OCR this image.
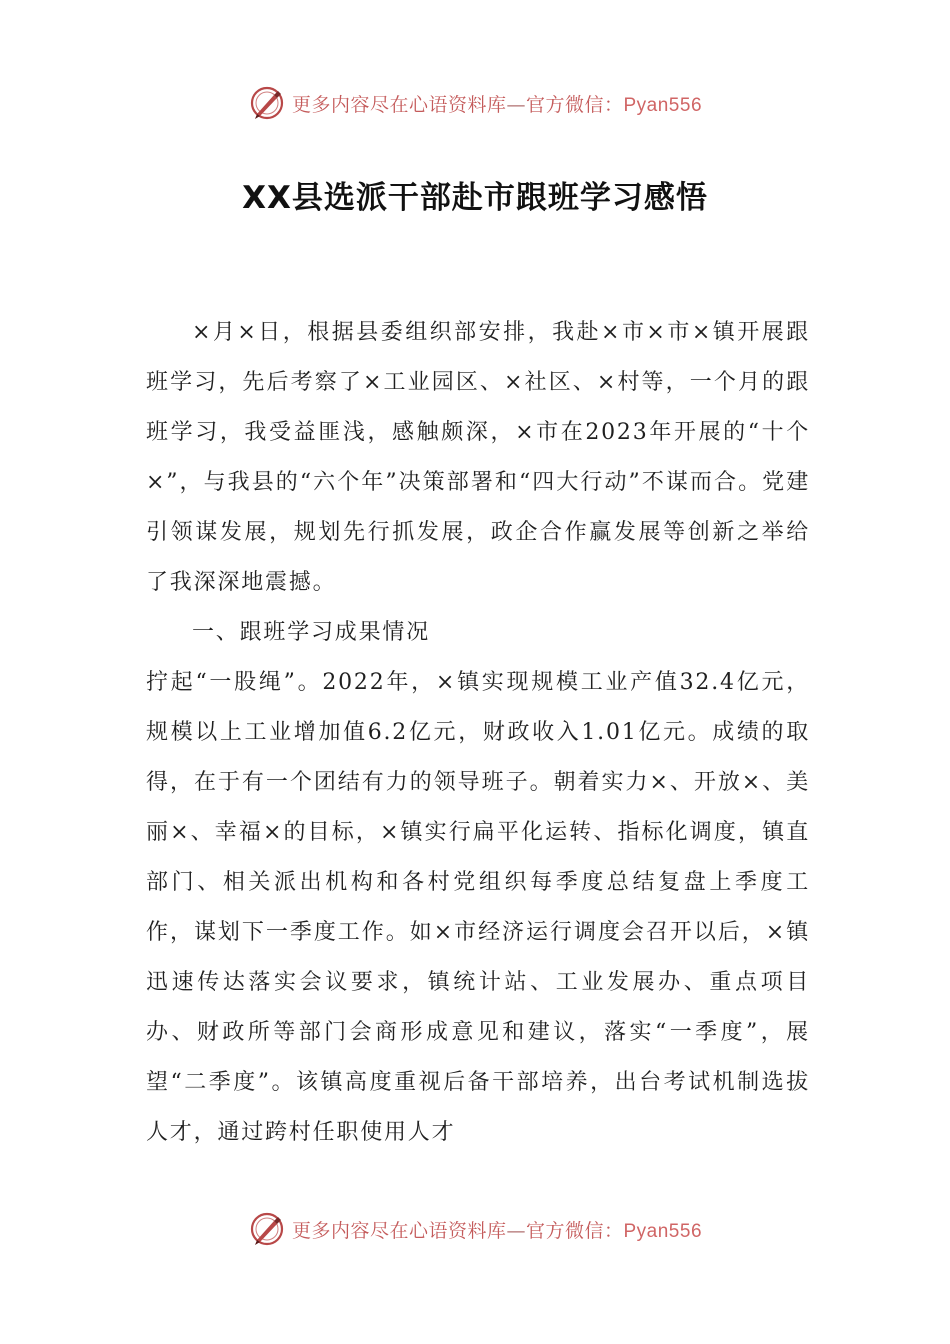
更多内容尽在心语资料库—官方微信：Pyan556
XX县选派干部赴市跟班学习感悟

×月×日，根据县委组织部安排，我赴×市×市×镇开展跟班学习，先后考察了×工业园区、×社区、×村等，一个月的跟班学习，我受益匪浅，感触颇深，×市在2023年开展的“十个×”，与我县的“六个年”决策部署和“四大行动”不谋而合。党建引领谋发展，规划先行抓发展，政企合作赢发展等创新之举给了我深深地震撼。

一、跟班学习成果情况

拧起“一股绳”。2022年，×镇实现规模工业产值32.4亿元，规模以上工业增加值6.2亿元，财政收入1.01亿元。成绩的取得，在于有一个团结有力的领导班子。朝着实力×、开放×、美丽×、幸福×的目标，×镇实行扁平化运转、指标化调度，镇直部门、相关派出机构和各村党组织每季度总结复盘上季度工作，谋划下一季度工作。如×市经济运行调度会召开以后，×镇迅速传达落实会议要求，镇统计站、工业发展办、重点项目办、财政所等部门会商形成意见和建议，落实“一季度”，展望“二季度”。该镇高度重视后备干部培养，出台考试机制选拔人才，通过跨村任职使用人才

更多内容尽在心语资料库—官方微信：Pyan556
